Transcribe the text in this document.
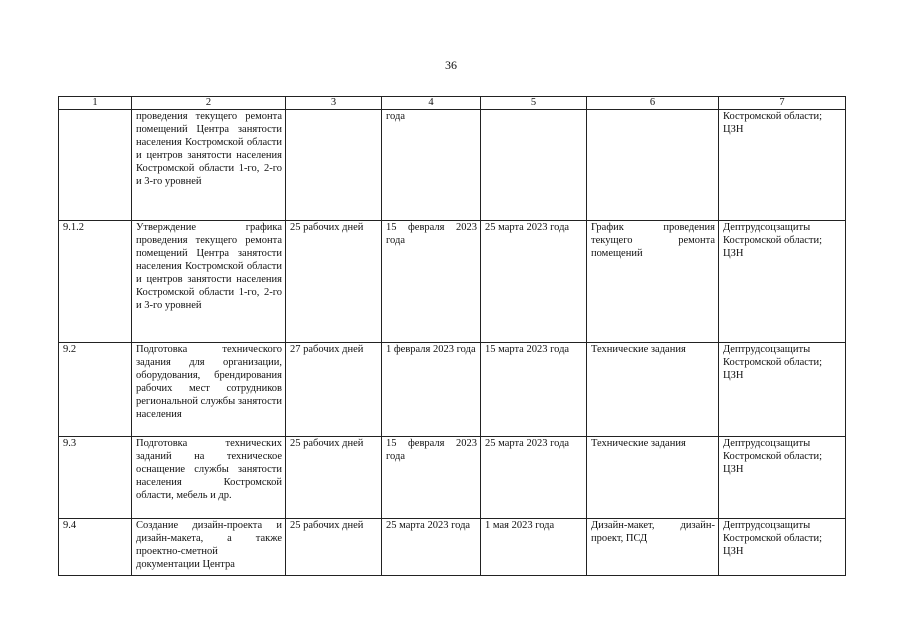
36
1	2	3	4	5	6	7
	проведения текущего ремонта помещений Центра занятости населения Костромской области и центров занятости населения Костромской области 1-го, 2-го и 3-го уровней		года			Костромской области; ЦЗН
9.1.2	Утверждение графика проведения текущего ремонта помещений Центра занятости населения Костромской области и центров занятости населения Костромской области 1-го, 2-го и 3-го уровней	25 рабочих дней	15 февраля 2023 года	25 марта 2023 года	График проведения текущего ремонта помещений	Дептрудсоцзащиты Костромской области; ЦЗН
9.2	Подготовка технического задания для организации, оборудования, брендирования рабочих мест сотрудников региональной службы занятости населения	27 рабочих дней	1 февраля 2023 года	15 марта 2023 года	Технические задания	Дептрудсоцзащиты Костромской области; ЦЗН
9.3	Подготовка технических заданий на техническое оснащение службы занятости населения Костромской области, мебель и др.	25 рабочих дней	15 февраля 2023 года	25 марта 2023 года	Технические задания	Дептрудсоцзащиты Костромской области; ЦЗН
9.4	Создание дизайн-проекта и дизайн-макета, а также проектно-сметной документации Центра	25 рабочих дней	25 марта 2023 года	1 мая 2023 года	Дизайн-макет, дизайн-проект, ПСД	Дептрудсоцзащиты Костромской области; ЦЗН
